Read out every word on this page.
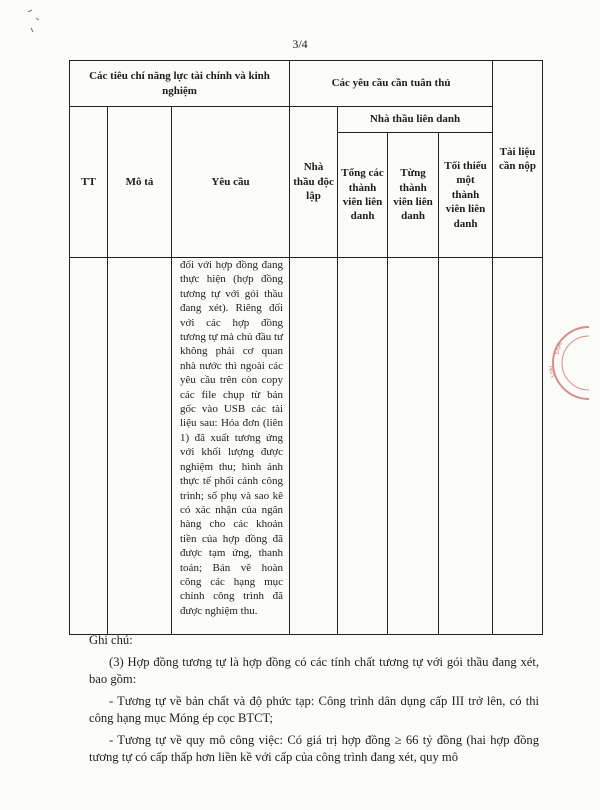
3/4
Các tiêu chí năng lực tài chính và kinh nghiệm			Các yêu cầu cần tuân thủ				Tài liệu cần nộp
TT	Mô tả	Yêu cầu	Nhà thầu độc lập	Nhà thầu liên danh			
				Tổng các thành viên liên danh	Từng thành viên liên danh	Tối thiểu một thành viên liên danh	
		đối với hợp đồng đang thực hiện (hợp đồng tương tự với gói thầu đang xét). Riêng đối với các hợp đồng tương tự mà chủ đầu tư không phải cơ quan nhà nước thì ngoài các yêu cầu trên còn copy các file chụp từ bản gốc vào USB các tài liệu sau: Hóa đơn (liên 1) đã xuất tương ứng với khối lượng được nghiệm thu; hình ảnh thực tế phối cảnh công trình; sổ phụ và sao kê có xác nhận của ngân hàng cho các khoản tiền của hợp đồng đã được tạm ứng, thanh toán; Bản vẽ hoàn công các hạng mục chính công trình đã được nghiệm thu.					
ĐIA
VIN

Ghi chú:

(3) Hợp đồng tương tự là hợp đồng có các tính chất tương tự với gói thầu đang xét, bao gồm:

- Tương tự về bản chất và độ phức tạp: Công trình dân dụng cấp III trở lên, có thi công hạng mục Móng ép cọc BTCT;

- Tương tự về quy mô công việc: Có giá trị hợp đồng ≥ 66 tỷ đồng (hai hợp đồng tương tự có cấp thấp hơn liền kề với cấp của công trình đang xét, quy mô
